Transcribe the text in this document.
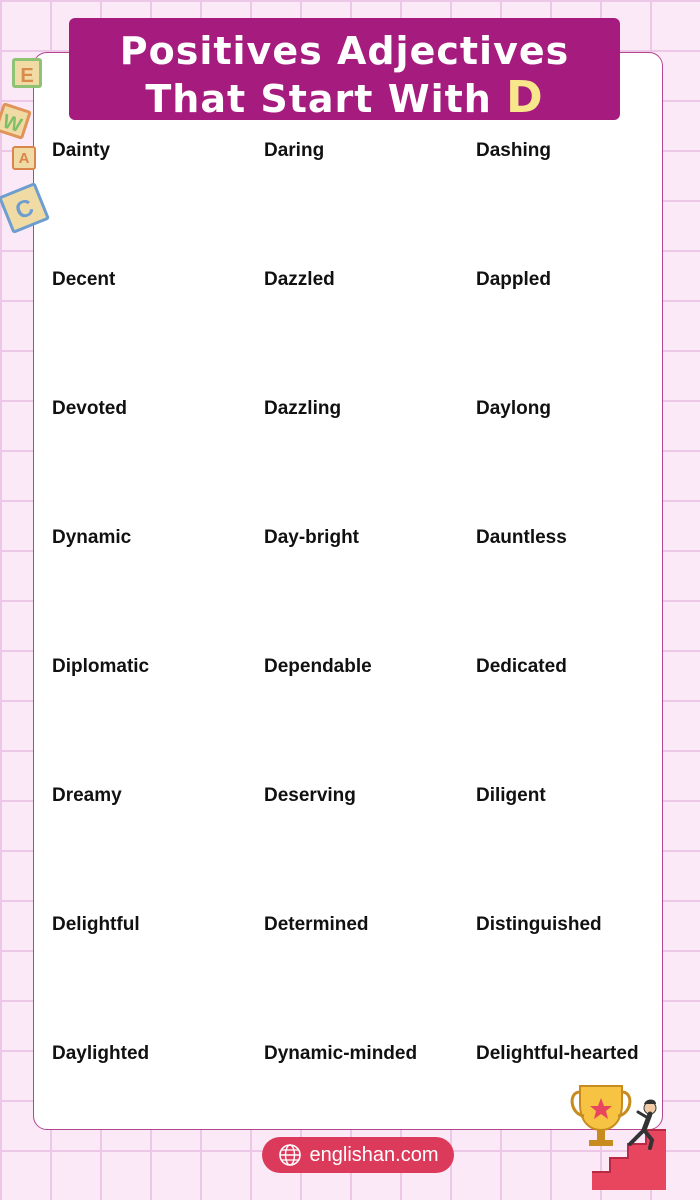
Positives Adjectives
That Start With D
E
W
A
C
Dainty	Daring	Dashing
Decent	Dazzled	Dappled
Devoted	Dazzling	Daylong
Dynamic	Day-bright	Dauntless
Diplomatic	Dependable	Dedicated
Dreamy	Deserving	Diligent
Delightful	Determined	Distinguished
Daylighted	Dynamic-minded	Delightful-hearted
englishan.com
